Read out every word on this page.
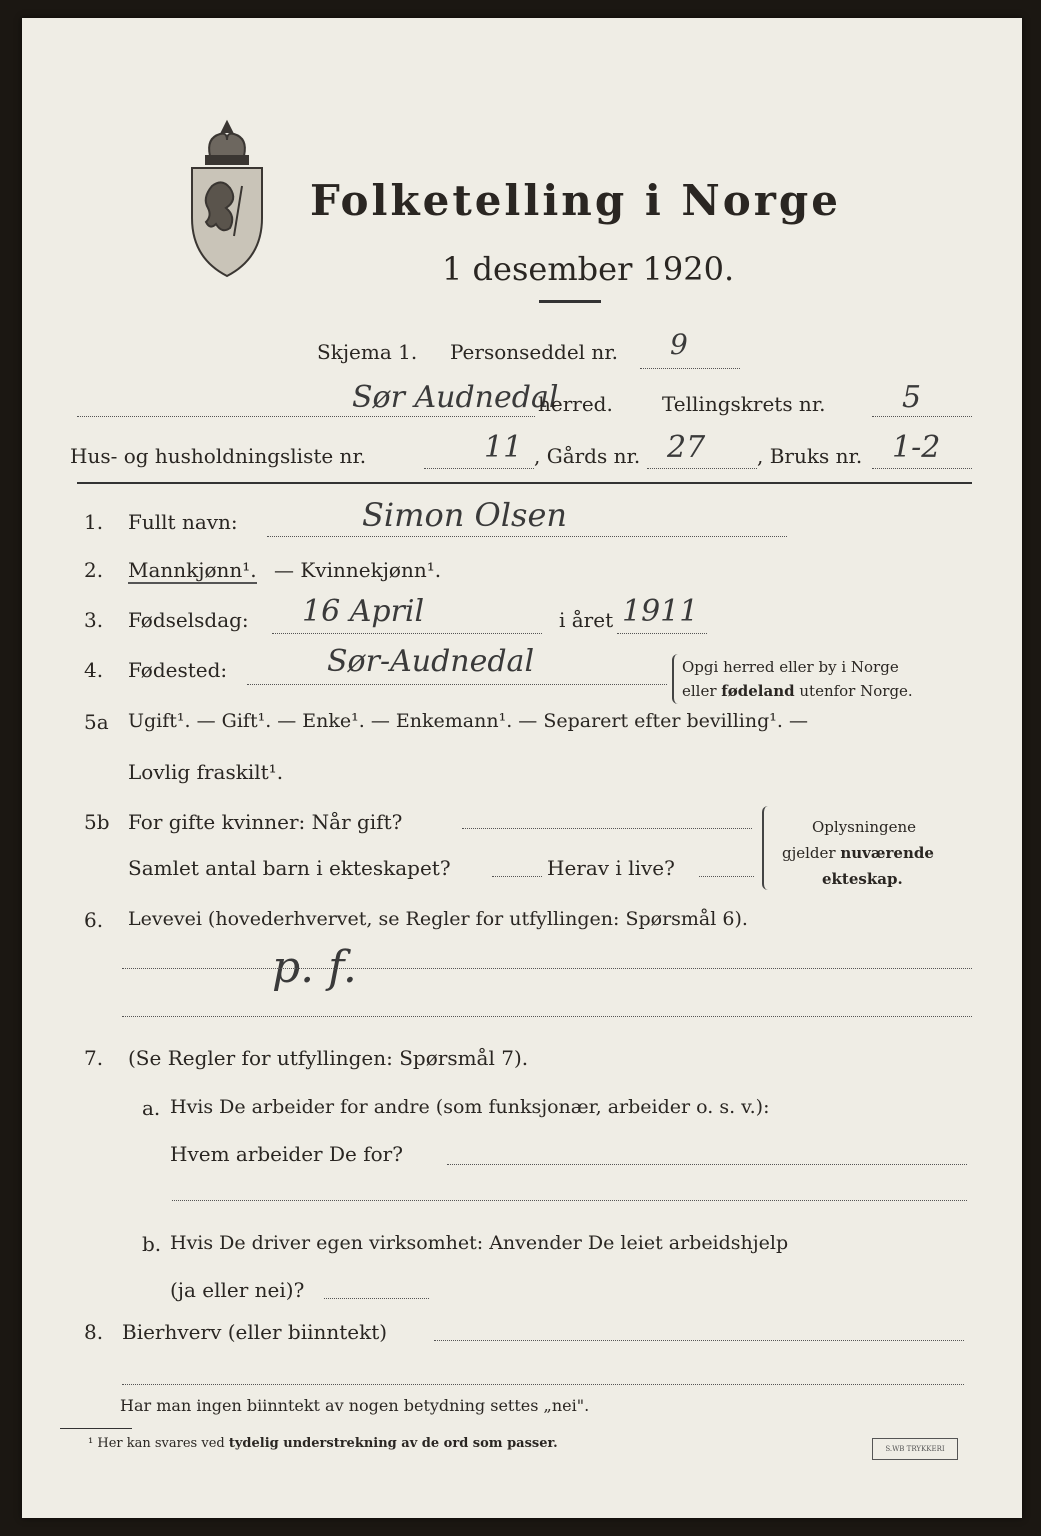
Folketelling i Norge
1 desember 1920.
Skjema 1. Personseddel nr. 9
Sør Audnedal
herred. Tellingskrets nr.	5
Hus- og husholdningsliste nr.	11 , Gårds nr. 27	, Bruks nr. 1-2
1. Fullt navn:	Simon Olsen
2. Mannkjønn¹. — Kvinnekjønn¹.
3. Fødselsdag: 16 April	i året 1911
4. Fødested:	Sør-Audnedal	Opgi herred eller by i Norge
eller fødeland utenfor Norge.
5a Ugift¹. — Gift¹. — Enke¹. — Enkemann¹. — Separert efter bevilling¹. —
Lovlig fraskilt¹.
5b For gifte kvinner: Når gift?
Samlet antal barn i ekteskapet?	Herav i live?
Oplysningene
gjelder nuværende
ekteskap.
6. Levevei (hovederhvervet, se Regler for utfyllingen: Spørsmål 6).
p. f.
7. (Se Regler for utfyllingen: Spørsmål 7).
a. Hvis De arbeider for andre (som funksjonær, arbeider o. s. v.):
Hvem arbeider De for?
b. Hvis De driver egen virksomhet: Anvender De leiet arbeidshjelp
(ja eller nei)?
8. Bierhverv (eller biinntekt)
Har man ingen biinntekt av nogen betydning settes „nei".
¹ Her kan svares ved tydelig understrekning av de ord som passer.	S.WB TRYKKERI
